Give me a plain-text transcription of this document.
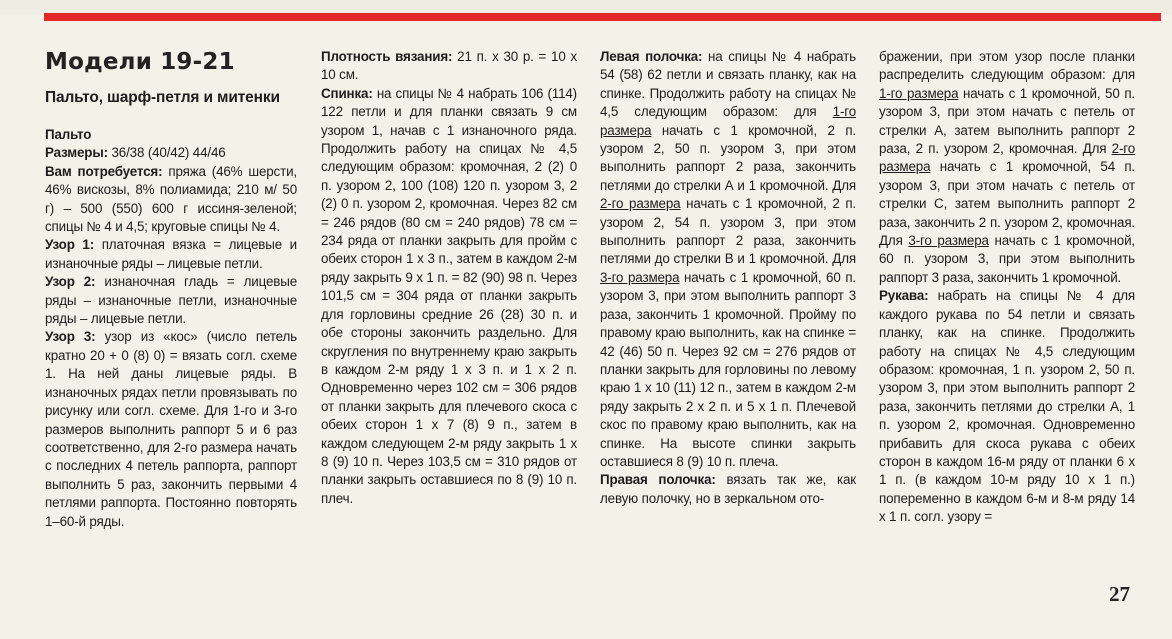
Модели 19-21
Пальто, шарф-петля и митенки
Пальто

Размеры: 36/38 (40/42) 44/46

Вам потребуется: пряжа (46% шерсти, 46% вискозы, 8% полиамида; 210 м/ 50 г) – 500 (550) 600 г иссиня-зеленой; спицы № 4 и 4,5; круговые спицы № 4.

Узор 1: платочная вязка = лицевые и изнаночные ряды – лицевые петли.

Узор 2: изнаночная гладь = лицевые ряды – изнаночные петли, изнаночные ряды – лицевые петли.

Узор 3: узор из «кос» (число петель кратно 20 + 0 (8) 0) = вязать согл. схеме 1. На ней даны лицевые ряды. В изнаночных рядах петли провязывать по рисунку или согл. схеме. Для 1-го и 3-го размеров выполнить раппорт 5 и 6 раз соответственно, для 2-го размера начать с последних 4 петель раппорта, раппорт выполнить 5 раз, закончить первыми 4 петлями раппорта. Постоянно повторять 1–60-й ряды.

Плотность вязания: 21 п. х 30 р. = 10 х 10 см.

Спинка: на спицы № 4 набрать 106 (114) 122 петли и для планки связать 9 см узором 1, начав с 1 изнаночного ряда. Продолжить работу на спицах № 4,5 следующим образом: кромочная, 2 (2) 0 п. узором 2, 100 (108) 120 п. узором 3, 2 (2) 0 п. узором 2, кромочная. Через 82 см = 246 рядов (80 см = 240 рядов) 78 см = 234 ряда от планки закрыть для пройм с обеих сторон 1 х 3 п., затем в каждом 2-м ряду закрыть 9 х 1 п. = 82 (90) 98 п. Через 101,5 см = 304 ряда от планки закрыть для горловины средние 26 (28) 30 п. и обе стороны закончить раздельно. Для скругления по внутреннему краю закрыть в каждом 2-м ряду 1 х 3 п. и 1 х 2 п. Одновременно через 102 см = 306 рядов от планки закрыть для плечевого скоса с обеих сторон 1 х 7 (8) 9 п., затем в каждом следующем 2-м ряду закрыть 1 х 8 (9) 10 п. Через 103,5 см = 310 рядов от планки закрыть оставшиеся по 8 (9) 10 п. плеч.

Левая полочка: на спицы № 4 набрать 54 (58) 62 петли и связать планку, как на спинке. Продолжить работу на спицах № 4,5 следующим образом: для 1-го размера начать с 1 кромочной, 2 п. узором 2, 50 п. узором 3, при этом выполнить раппорт 2 раза, закончить петлями до стрелки А и 1 кромочной. Для 2-го размера начать с 1 кромочной, 2 п. узором 2, 54 п. узором 3, при этом выполнить раппорт 2 раза, закончить петлями до стрелки В и 1 кромочной. Для 3-го размера начать с 1 кромочной, 60 п. узором 3, при этом выполнить раппорт 3 раза, закончить 1 кромочной. Пройму по правому краю выполнить, как на спинке = 42 (46) 50 п. Через 92 см = 276 рядов от планки закрыть для горловины по левому краю 1 х 10 (11) 12 п., затем в каждом 2-м ряду закрыть 2 х 2 п. и 5 х 1 п. Плечевой скос по правому краю выполнить, как на спинке. На высоте спинки закрыть оставшиеся 8 (9) 10 п. плеча.

Правая полочка: вязать так же, как левую полочку, но в зеркальном ото-

бражении, при этом узор после планки распределить следующим образом: для 1-го размера начать с 1 кромочной, 50 п. узором 3, при этом начать с петель от стрелки А, затем выполнить раппорт 2 раза, 2 п. узором 2, кромочная. Для 2-го размера начать с 1 кромочной, 54 п. узором 3, при этом начать с петель от стрелки С, затем выполнить раппорт 2 раза, закончить 2 п. узором 2, кромочная. Для 3-го размера начать с 1 кромочной, 60 п. узором 3, при этом выполнить раппорт 3 раза, закончить 1 кромочной.

Рукава: набрать на спицы № 4 для каждого рукава по 54 петли и связать планку, как на спинке. Продолжить работу на спицах № 4,5 следующим образом: кромочная, 1 п. узором 2, 50 п. узором 3, при этом выполнить раппорт 2 раза, закончить петлями до стрелки А, 1 п. узором 2, кромочная. Одновременно прибавить для скоса рукава с обеих сторон в каждом 16-м ряду от планки 6 х 1 п. (в каждом 10-м ряду 10 х 1 п.) попеременно в каждом 6-м и 8-м ряду 14 х 1 п. согл. узору =

27
